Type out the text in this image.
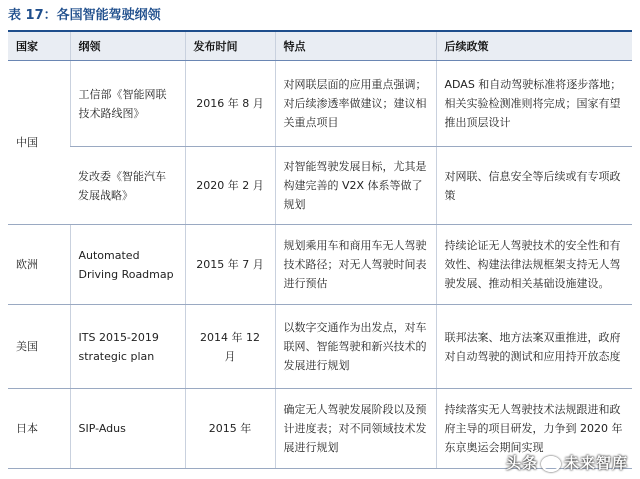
表 17：各国智能驾驶纲领
国家	纲领	发布时间	特点	后续政策
中国	工信部《智能网联技术路线图》	2016 年 8 月	对网联层面的应用重点强调；对后续渗透率做建议；建议相关重点项目	ADAS 和自动驾驶标准将逐步落地；相关实验检测准则将完成；国家有望推出顶层设计
	发改委《智能汽车发展战略》	2020 年 2 月	对智能驾驶发展目标，尤其是构建完善的 V2X 体系等做了规划	对网联、信息安全等后续或有专项政策
欧洲	Automated Driving Roadmap	2015 年 7 月	规划乘用车和商用车无人驾驶技术路径；对无人驾驶时间表进行预估	持续论证无人驾驶技术的安全性和有效性、构建法律法规框架支持无人驾驶发展、推动相关基础设施建设。
美国	ITS 2015-2019 strategic plan	2014 年 12 月	以数字交通作为出发点，对车联网、智能驾驶和新兴技术的发展进行规划	联邦法案、地方法案双重推进，政府对自动驾驶的测试和应用持开放态度
日本	SIP-Adus	2015 年	确定无人驾驶发展阶段以及预计进度表；对不同领域技术发展进行规划	持续落实无人驾驶技术法规跟进和政府主导的项目研发，力争到 2020 年东京奥运会期间实现
头条 未来智库
